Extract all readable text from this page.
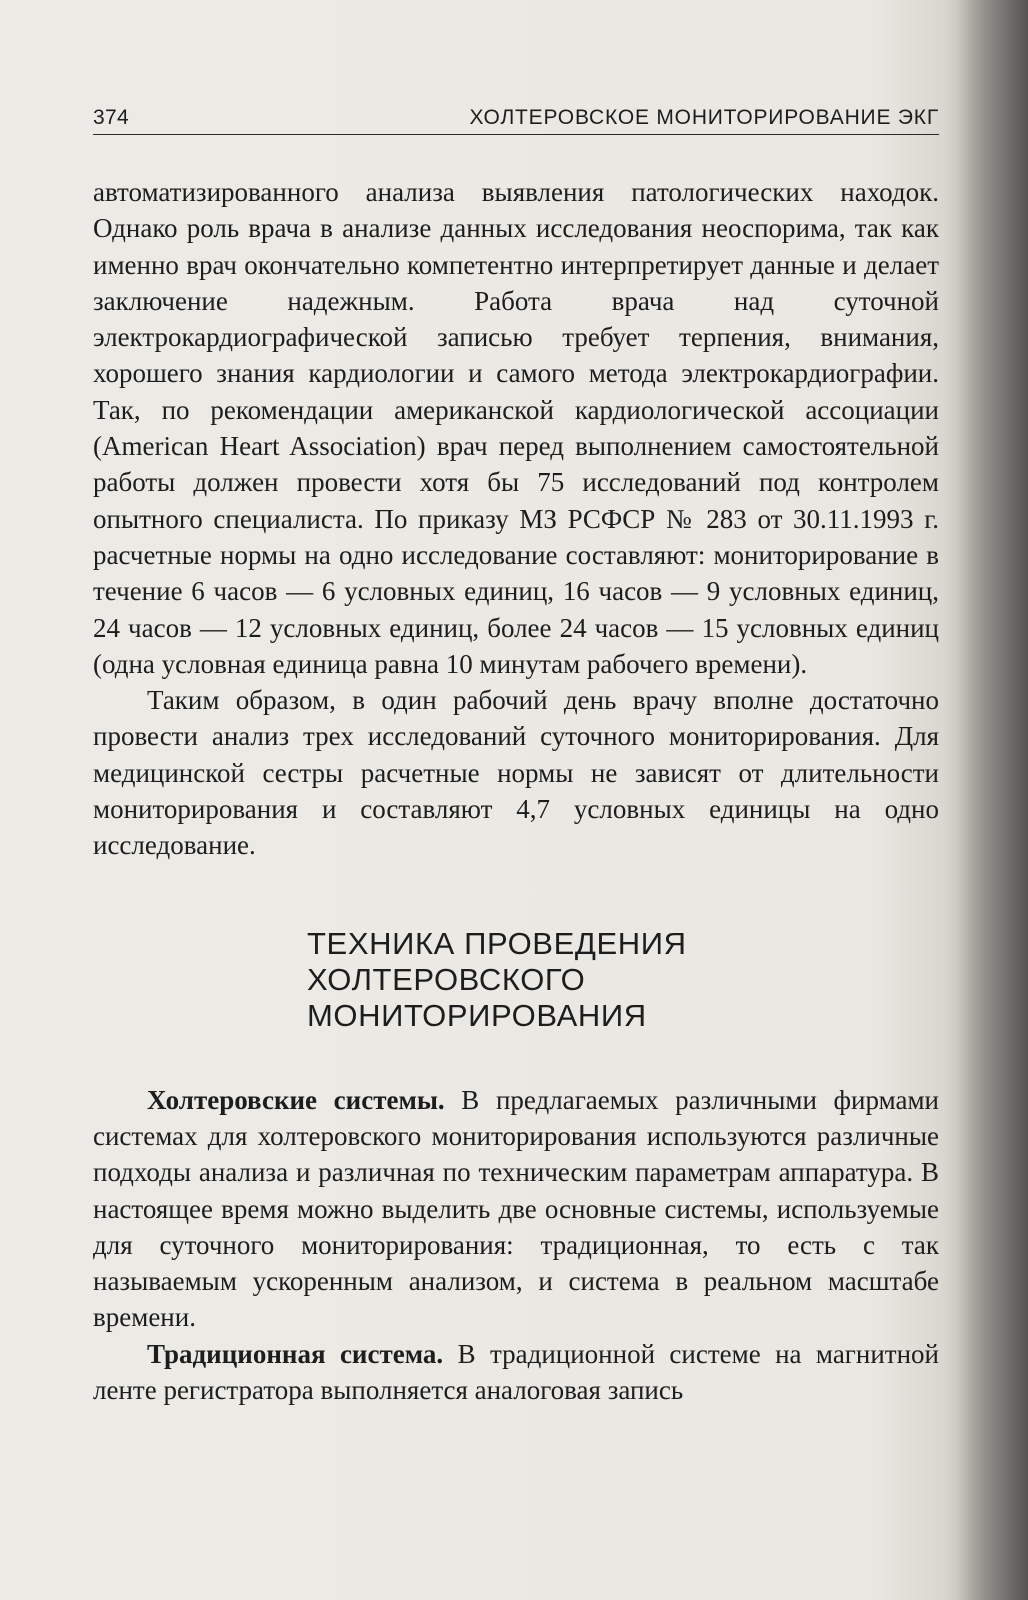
374	ХОЛТЕРОВСКОЕ МОНИТОРИРОВАНИЕ ЭКГ

автоматизированного анализа выявления патологических находок. Однако роль врача в анализе данных исследования неоспорима, так как именно врач окончательно компетентно интерпретирует данные и делает заключение надежным. Работа врача над суточной электрокардиографической записью требует терпения, внимания, хорошего знания кардиологии и самого метода электрокардиографии. Так, по рекомендации американской кардиологической ассоциации (American Heart Association) врач перед выполнением самостоятельной работы должен провести хотя бы 75 исследований под контролем опытного специалиста. По приказу МЗ РСФСР № 283 от 30.11.1993 г. расчетные нормы на одно исследование составляют: мониторирование в течение 6 часов — 6 условных единиц, 16 часов — 9 условных единиц, 24 часов — 12 условных единиц, более 24 часов — 15 условных единиц (одна условная единица равна 10 минутам рабочего времени).

Таким образом, в один рабочий день врачу вполне достаточно провести анализ трех исследований суточного мониторирования. Для медицинской сестры расчетные нормы не зависят от длительности мониторирования и составляют 4,7 условных единицы на одно исследование.

ТЕХНИКА ПРОВЕДЕНИЯ
ХОЛТЕРОВСКОГО
МОНИТОРИРОВАНИЯ

Холтеровские системы. В предлагаемых различными фирмами системах для холтеровского мониторирования используются различные подходы анализа и различная по техническим параметрам аппаратура. В настоящее время можно выделить две основные системы, используемые для суточного мониторирования: традиционная, то есть с так называемым ускоренным анализом, и система в реальном масштабе времени.

Традиционная система. В традиционной системе на магнитной ленте регистратора выполняется аналоговая запись
